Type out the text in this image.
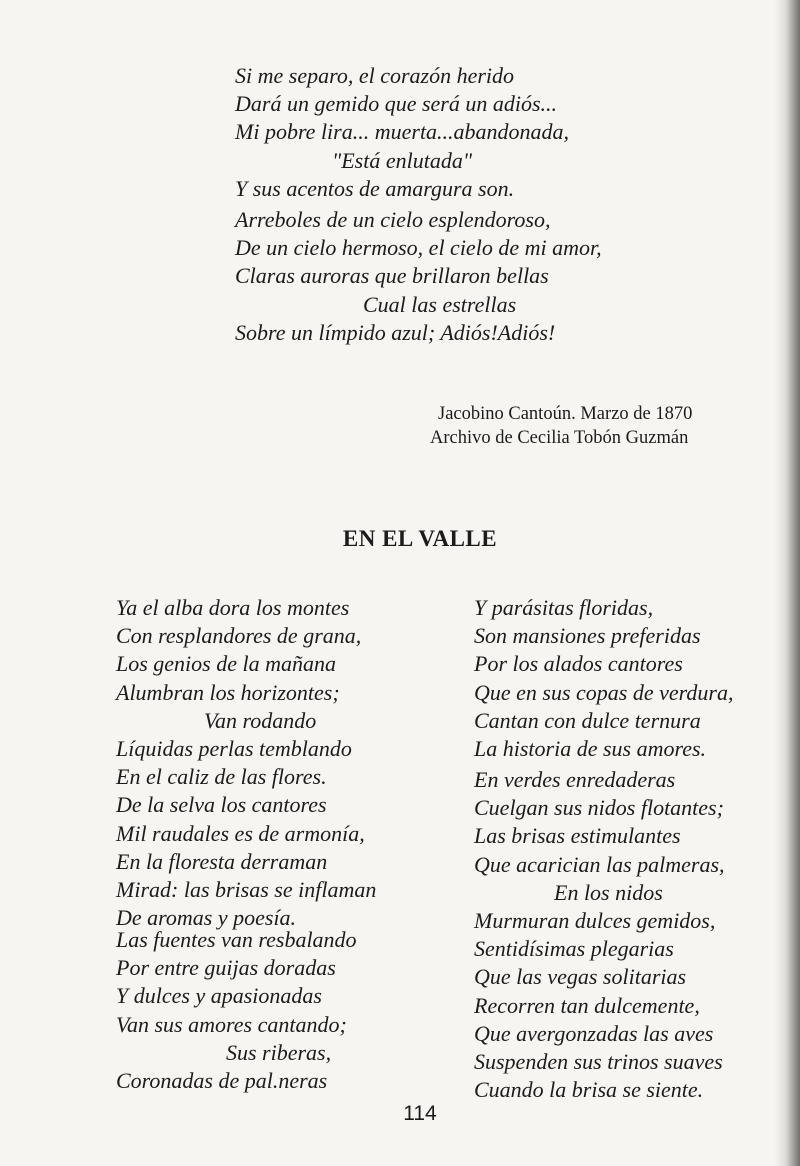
Si me separo, el corazón herido
Dará un gemido que será un adiós...
Mi pobre lira... muerta...abandonada,
"Está enlutada"
Y sus acentos de amargura son.
Arreboles de un cielo esplendoroso,
De un cielo hermoso, el cielo de mi amor,
Claras auroras que brillaron bellas
Cual las estrellas
Sobre un límpido azul; Adiós!Adiós!
Jacobino Cantoún. Marzo de 1870
Archivo de Cecilia Tobón Guzmán
EN EL VALLE
Ya el alba dora los montes
Con resplandores de grana,
Los genios de la mañana
Alumbran los horizontes;
Van rodando
Líquidas perlas temblando
En el caliz de las flores.
De la selva los cantores
Mil raudales es de armonía,
En la floresta derraman
Mirad: las brisas se inflaman
De aromas y poesía.
Las fuentes van resbalando
Por entre guijas doradas
Y dulces y apasionadas
Van sus amores cantando;
Sus riberas,
Coronadas de pal.neras
Y parásitas floridas,
Son mansiones preferidas
Por los alados cantores
Que en sus copas de verdura,
Cantan con dulce ternura
La historia de sus amores.
En verdes enredaderas
Cuelgan sus nidos flotantes;
Las brisas estimulantes
Que acarician las palmeras,
En los nidos
Murmuran dulces gemidos,
Sentidísimas plegarias
Que las vegas solitarias
Recorren tan dulcemente,
Que avergonzadas las aves
Suspenden sus trinos suaves
Cuando la brisa se siente.
114
